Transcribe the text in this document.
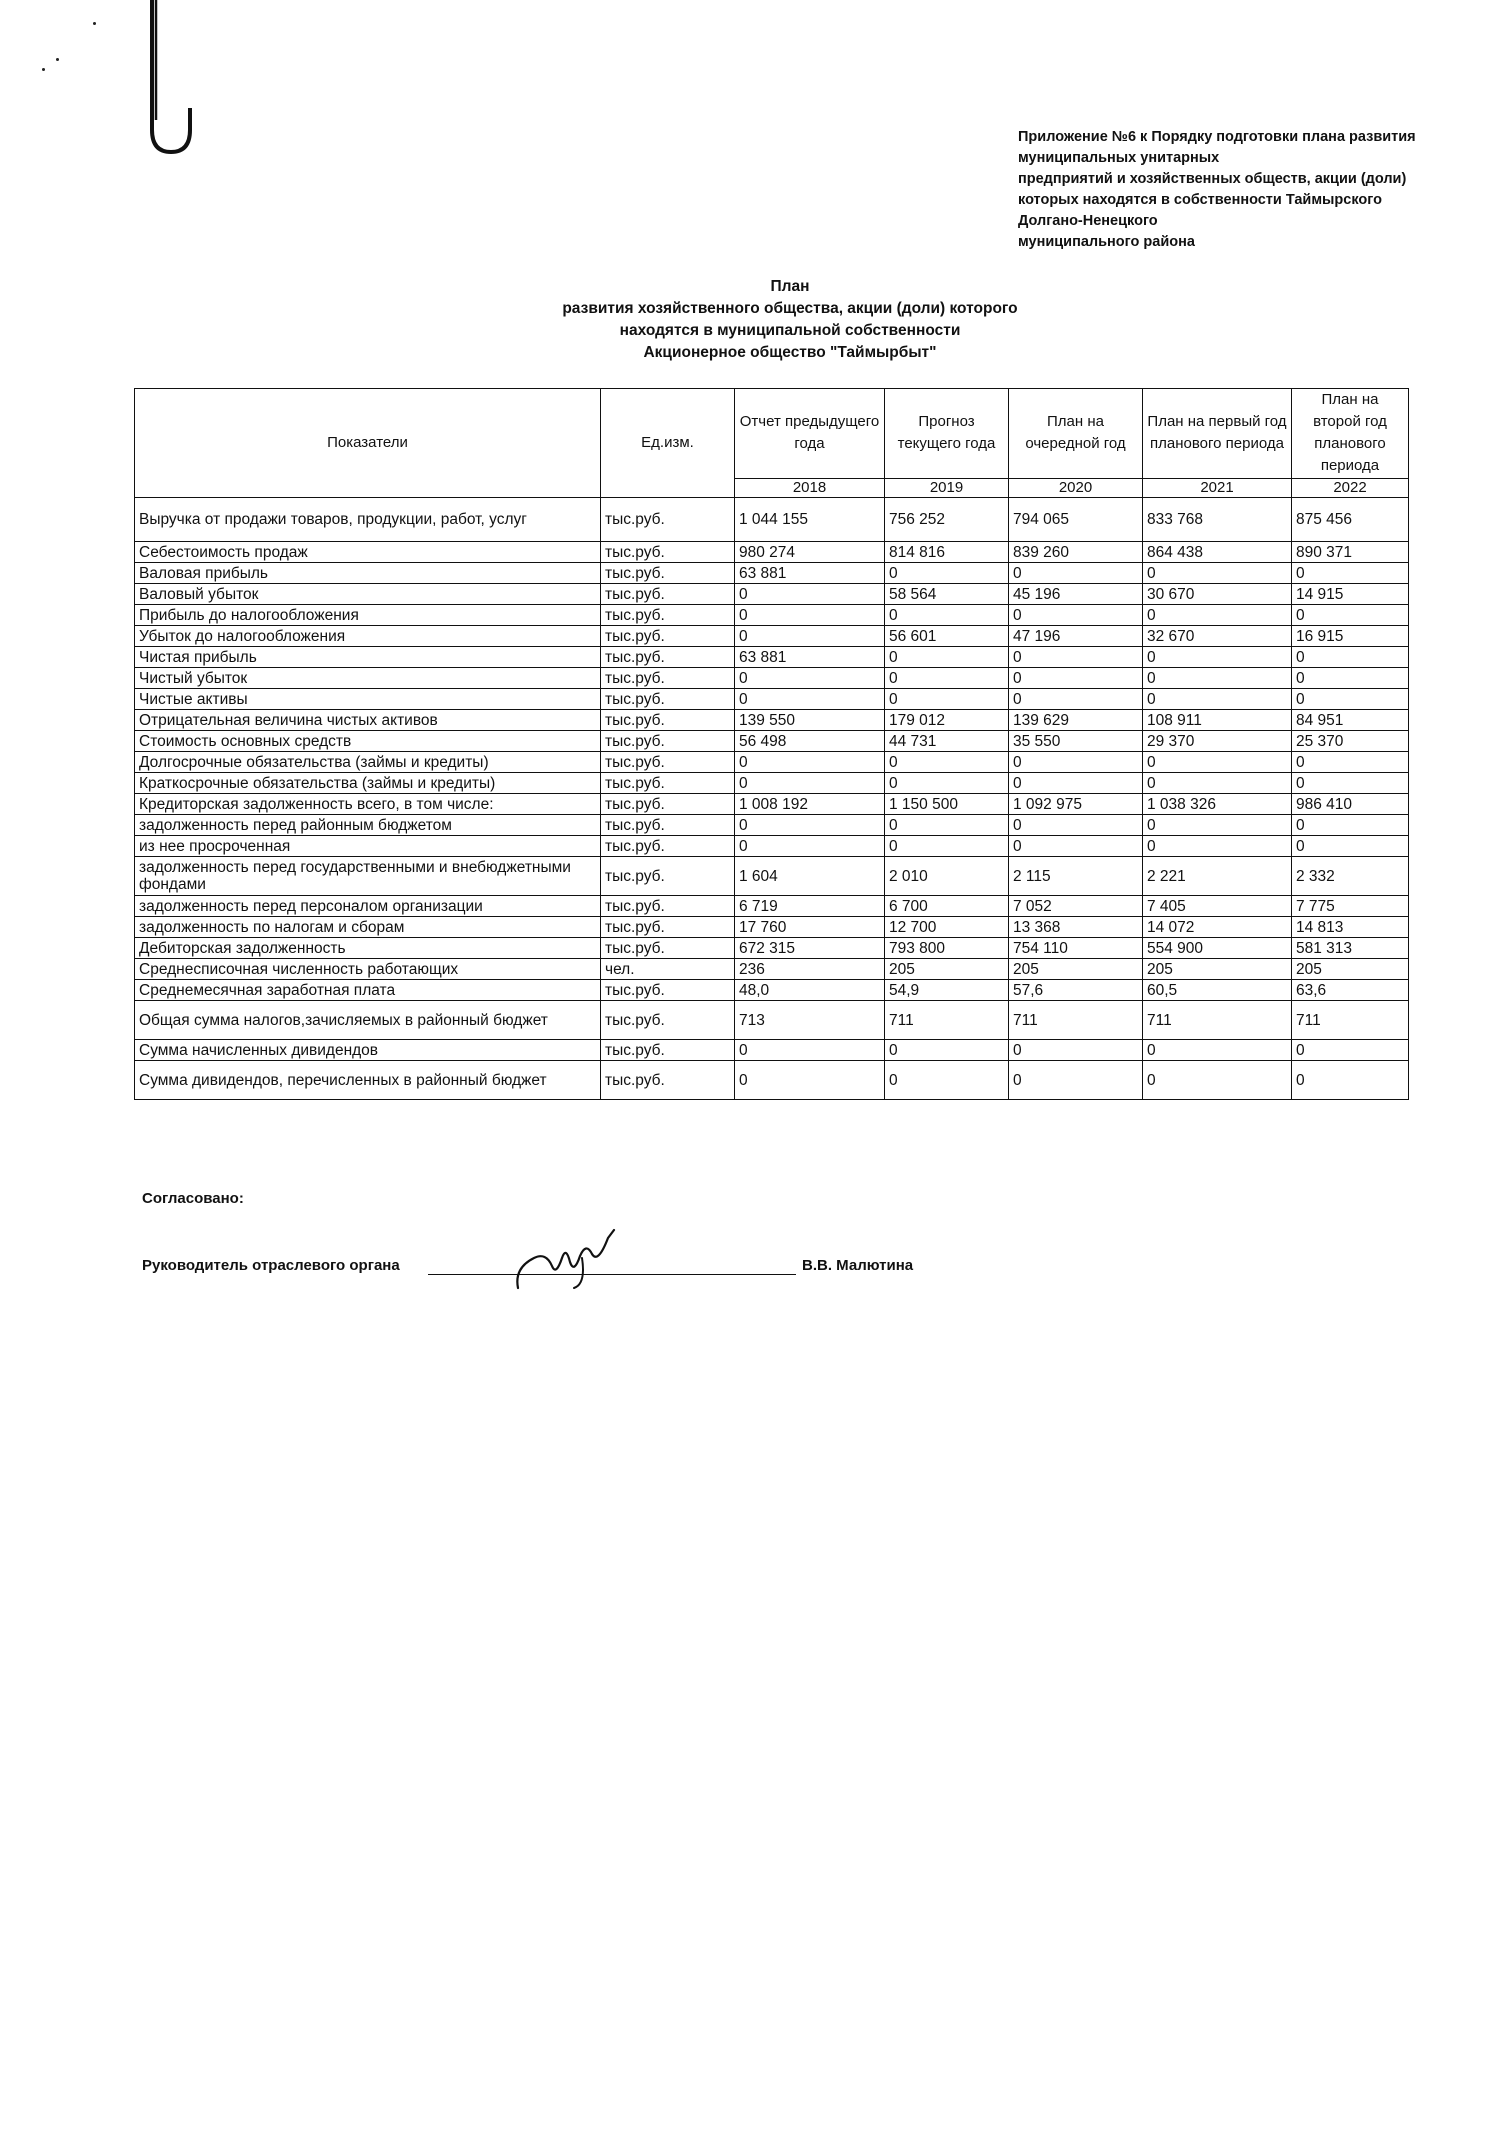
Приложение №6 к Порядку подготовки плана развития
муниципальных унитарных
предприятий и хозяйственных обществ, акции (доли)
которых находятся в собственности Таймырского
Долгано-Ненецкого
муниципального района
План
развития хозяйственного общества, акции (доли) которого
находятся в муниципальной собственности
Акционерное общество "Таймырбыт"
Показатели	Ед.изм.	Отчет предыдущего года	Прогноз текущего года	План на очередной год	План на первый год планового периода	План на второй год планового периода
		2018	2019	2020	2021	2022
Выручка от продажи товаров, продукции, работ, услуг	тыс.руб.	1 044 155	756 252	794 065	833 768	875 456
Себестоимость продаж	тыс.руб.	980 274	814 816	839 260	864 438	890 371
Валовая прибыль	тыс.руб.	63 881	0	0	0	0
Валовый убыток	тыс.руб.	0	58 564	45 196	30 670	14 915
Прибыль до налогообложения	тыс.руб.	0	0	0	0	0
Убыток до налогообложения	тыс.руб.	0	56 601	47 196	32 670	16 915
Чистая прибыль	тыс.руб.	63 881	0	0	0	0
Чистый убыток	тыс.руб.	0	0	0	0	0
Чистые активы	тыс.руб.	0	0	0	0	0
Отрицательная величина чистых активов	тыс.руб.	139 550	179 012	139 629	108 911	84 951
Стоимость основных средств	тыс.руб.	56 498	44 731	35 550	29 370	25 370
Долгосрочные обязательства (займы и кредиты)	тыс.руб.	0	0	0	0	0
Краткосрочные обязательства (займы и кредиты)	тыс.руб.	0	0	0	0	0
Кредиторская задолженность всего, в том числе:	тыс.руб.	1 008 192	1 150 500	1 092 975	1 038 326	986 410
задолженность перед районным бюджетом	тыс.руб.	0	0	0	0	0
из нее просроченная	тыс.руб.	0	0	0	0	0
задолженность перед государственными и внебюджетными фондами	тыс.руб.	1 604	2 010	2 115	2 221	2 332
задолженность перед персоналом организации	тыс.руб.	6 719	6 700	7 052	7 405	7 775
задолженность по налогам и сборам	тыс.руб.	17 760	12 700	13 368	14 072	14 813
Дебиторская задолженность	тыс.руб.	672 315	793 800	754 110	554 900	581 313
Среднесписочная численность работающих	чел.	236	205	205	205	205
Среднемесячная заработная плата	тыс.руб.	48,0	54,9	57,6	60,5	63,6
Общая сумма налогов,зачисляемых в районный бюджет	тыс.руб.	713	711	711	711	711
Сумма начисленных дивидендов	тыс.руб.	0	0	0	0	0
Сумма дивидендов, перечисленных в районный бюджет	тыс.руб.	0	0	0	0	0
Согласовано:
Руководитель отраслевого органа	В.В. Малютина
